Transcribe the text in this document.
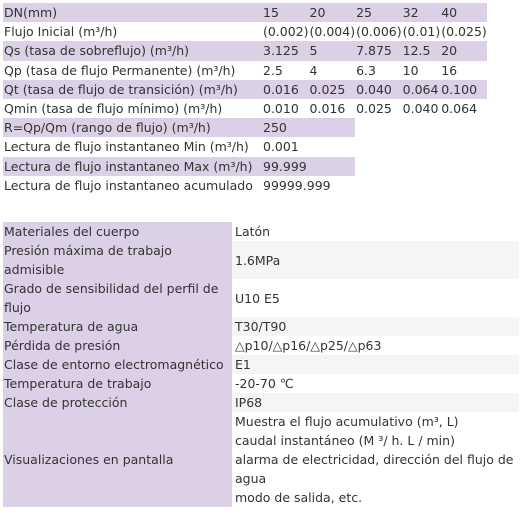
DN(mm)	15	20	25	32	40
Flujo Inicial (m³/h)	(0.002)	(0.004)	(0.006)	(0.01)	(0.025)
Qs (tasa de sobreflujo) (m³/h)	3.125	5	7.875	12.5	20
Qp (tasa de flujo Permanente) (m³/h)	2.5	4	6.3	10	16
Qt (tasa de flujo de transición) (m³/h)	0.016	0.025	0.040	0.064	0.100
Qmin (tasa de flujo mínimo) (m³/h)	0.010	0.016	0.025	0.040	0.064
R=Qp/Qm (rango de flujo) (m³/h)	250				
Lectura de flujo instantaneo Min (m³/h)	0.001				
Lectura de flujo instantaneo Max (m³/h)	99.999				
Lectura de flujo instantaneo acumulado	99999.999				
Materiales del cuerpo	Latón

Presión máxima de trabajo admisible	1.6MPa

Grado de sensibilidad del perfil de flujo	U10 E5

Temperatura de agua	T30/T90

Pérdida de presión	△p10/△p16/△p25/△p63

Clase de entorno electromagnético	E1

Temperatura de trabajo	-20-70 ℃

Clase de protección	IP68

Visualizaciones en pantalla	Muestra el flujo acumulativo (m³, L)
caudal instantáneo (M ³/ h. L / min)
alarma de electricidad, dirección del flujo de agua
modo de salida, etc.
